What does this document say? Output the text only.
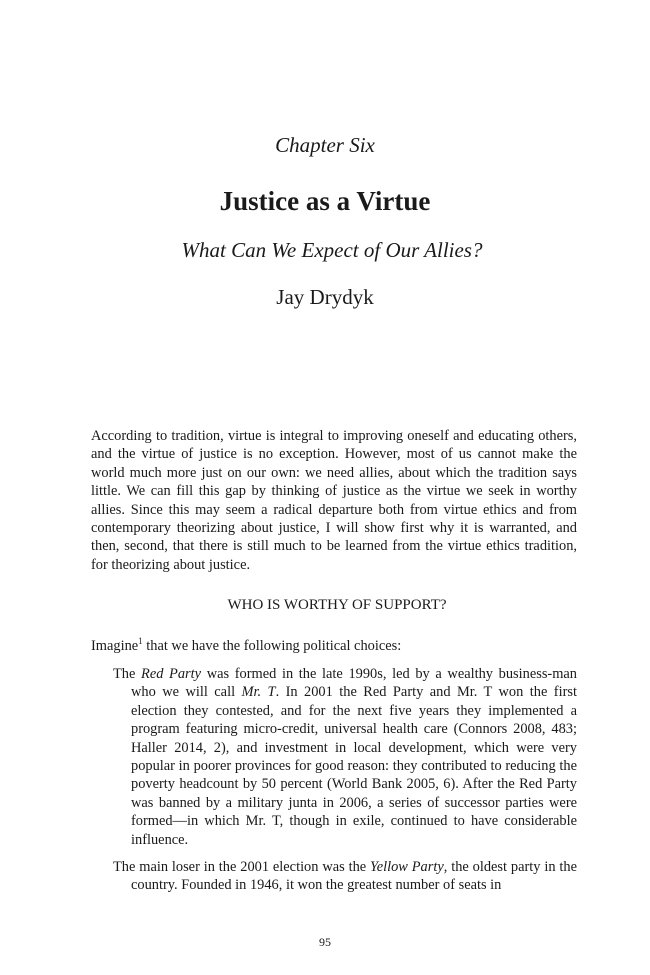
Chapter Six
Justice as a Virtue
What Can We Expect of Our Allies?
Jay Drydyk
According to tradition, virtue is integral to improving oneself and educating others, and the virtue of justice is no exception. However, most of us cannot make the world much more just on our own: we need allies, about which the tradition says little. We can fill this gap by thinking of justice as the virtue we seek in worthy allies. Since this may seem a radical departure both from virtue ethics and from contemporary theorizing about justice, I will show first why it is warranted, and then, second, that there is still much to be learned from the virtue ethics tradition, for theorizing about justice.
WHO IS WORTHY OF SUPPORT?
Imagine$^1$ that we have the following political choices:

The Red Party was formed in the late 1990s, led by a wealthy business-man who we will call Mr. T. In 2001 the Red Party and Mr. T won the first election they contested, and for the next five years they implemented a program featuring micro-credit, universal health care (Connors 2008, 483; Haller 2014, 2), and investment in local development, which were very popular in poorer provinces for good reason: they contributed to reducing the poverty headcount by 50 percent (World Bank 2005, 6). After the Red Party was banned by a military junta in 2006, a series of successor parties were formed—in which Mr. T, though in exile, continued to have considerable influence.

The main loser in the 2001 election was the Yellow Party, the oldest party in the country. Founded in 1946, it won the greatest number of seats in

95
